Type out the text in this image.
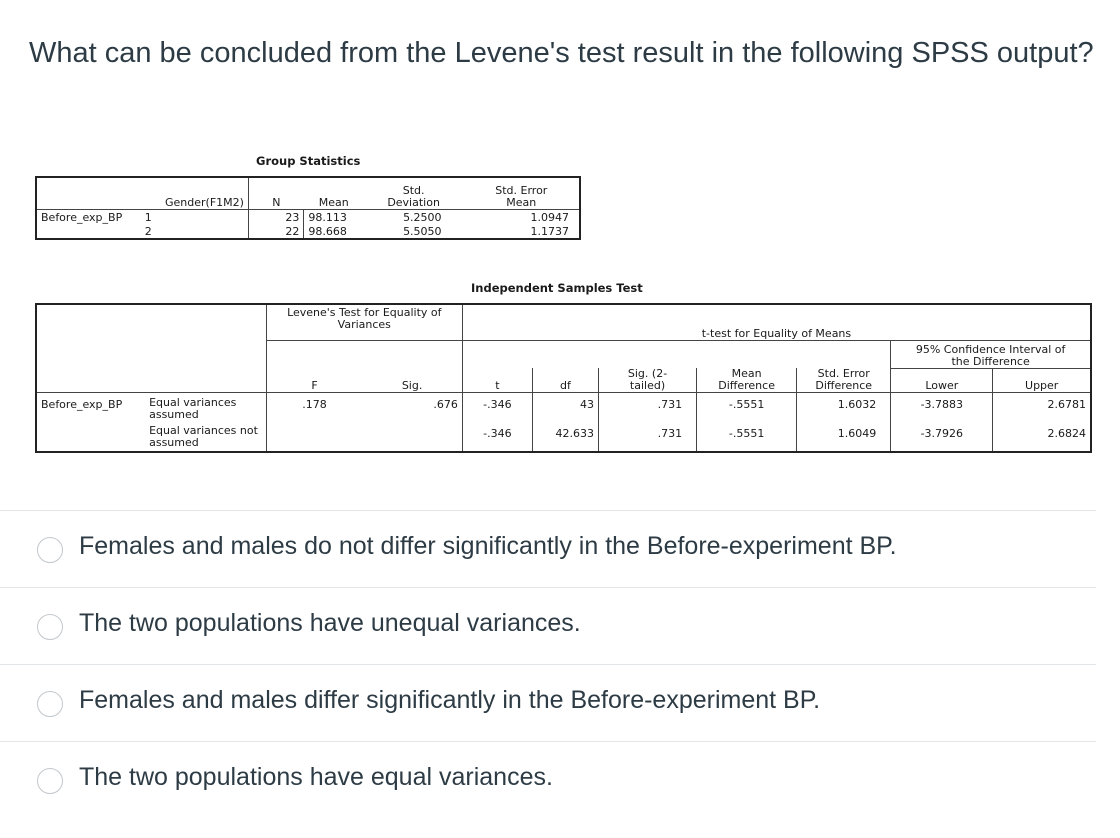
What can be concluded from the Levene's test result in the following SPSS output?
Group Statistics
	Gender(F1M2)	N	Mean	Std. Deviation	Std. Error Mean
Before_exp_BP	1	23	98.113	5.2500	1.0947
	2	22	98.668	5.5050	1.1737
Independent Samples Test
		Levene's Test for Equality of Variances		t-test for Equality of Means						
									95% Confidence Interval of the Difference	
		F	Sig.	t	df	Sig. (2-tailed)	Mean Difference	Std. Error Difference	Lower	Upper
Before_exp_BP	Equal variances assumed	.178	.676	-.346	43	.731	-.5551	1.6032	-3.7883	2.6781
	Equal variances not assumed			-.346	42.633	.731	-.5551	1.6049	-3.7926	2.6824
Females and males do not differ significantly in the Before-experiment BP.
The two populations have unequal variances.
Females and males differ significantly in the Before-experiment BP.
The two populations have equal variances.
